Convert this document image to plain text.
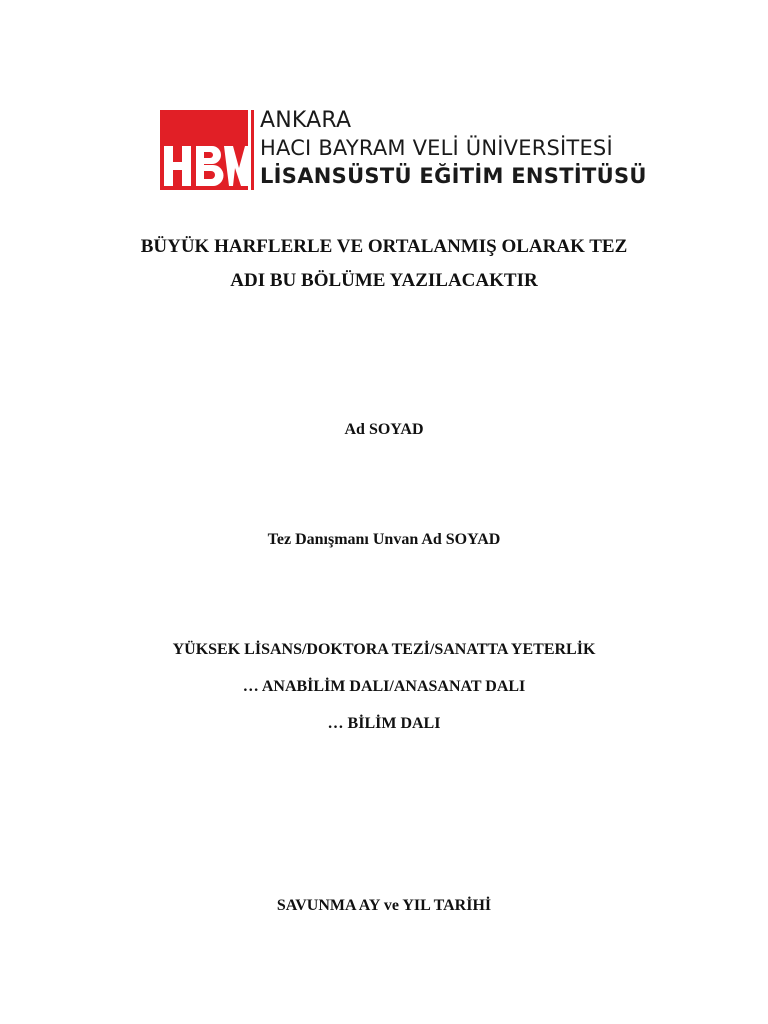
ANKARA
HACI BAYRAM VELİ ÜNİVERSİTESİ
LİSANSÜSTÜ EĞİTİM ENSTİTÜSÜ
BÜYÜK HARFLERLE VE ORTALANMIŞ OLARAK TEZ
ADI BU BÖLÜME YAZILACAKTIR
Ad SOYAD
Tez Danışmanı Unvan Ad SOYAD
YÜKSEK LİSANS/DOKTORA TEZİ/SANATTA YETERLİK
… ANABİLİM DALI/ANASANAT DALI
… BİLİM DALI
SAVUNMA AY ve YIL TARİHİ
